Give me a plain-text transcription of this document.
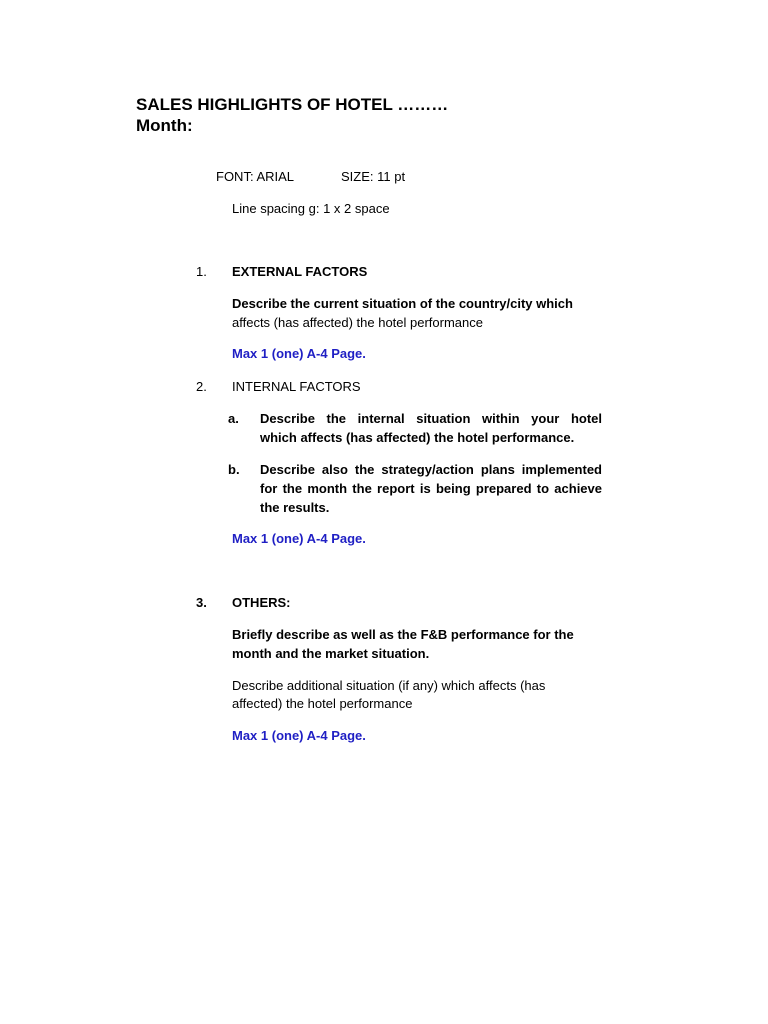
SALES HIGHLIGHTS OF HOTEL ………
Month:
FONT: ARIAL	SIZE: 11 pt
Line spacing g: 1 x 2 space
1. EXTERNAL FACTORS
Describe the current situation of the country/city which
affects (has affected) the hotel performance
Max 1 (one) A-4 Page.
2. INTERNAL FACTORS
a. Describe the internal situation within your hotel
which affects (has affected) the hotel performance.
b. Describe also the strategy/action plans implemented
for the month the report is being prepared to achieve
the results.
Max 1 (one) A-4 Page.
3. OTHERS:
Briefly describe as well as the F&B performance for the
month and the market situation.
Describe additional situation (if any) which affects (has
affected) the hotel performance
Max 1 (one) A-4 Page.
